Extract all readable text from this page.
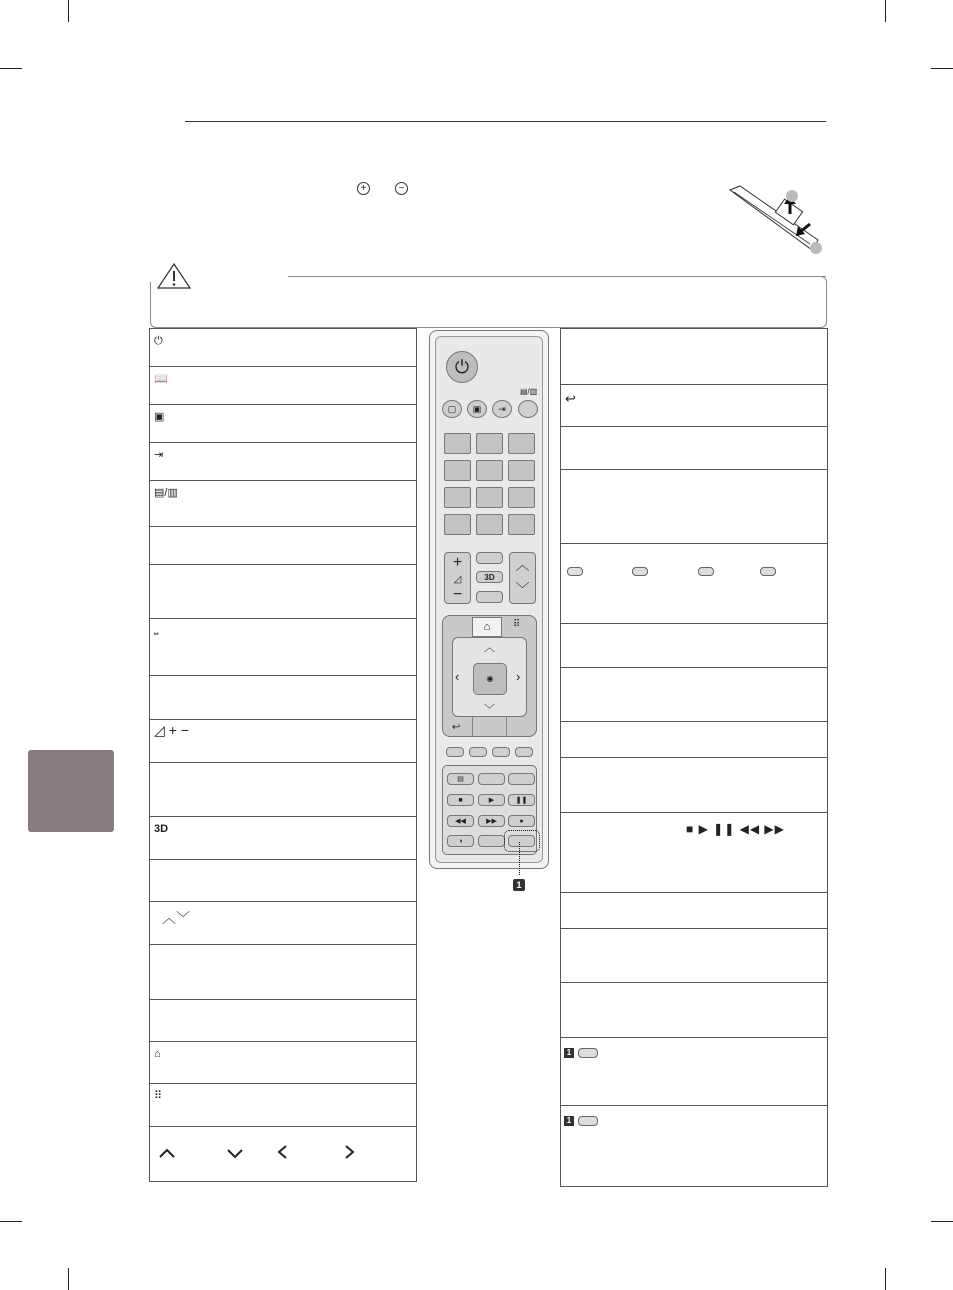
+	−
⏻
📖
▣
⇥
▤/▥
⎵
◿ + −
3D
︿﹀
⌂
⠿
↩
■ ▶ ❚❚ ◀◀ ▶▶
1
1
⏻
▤/▥
▢	▣	⇥
+
◿
−
3D
︿
﹀
⌂	⠿
︿
﹀
‹	›
◉
↩
▤
■	▶	❚❚
◀◀	▶▶	●
◑
1
